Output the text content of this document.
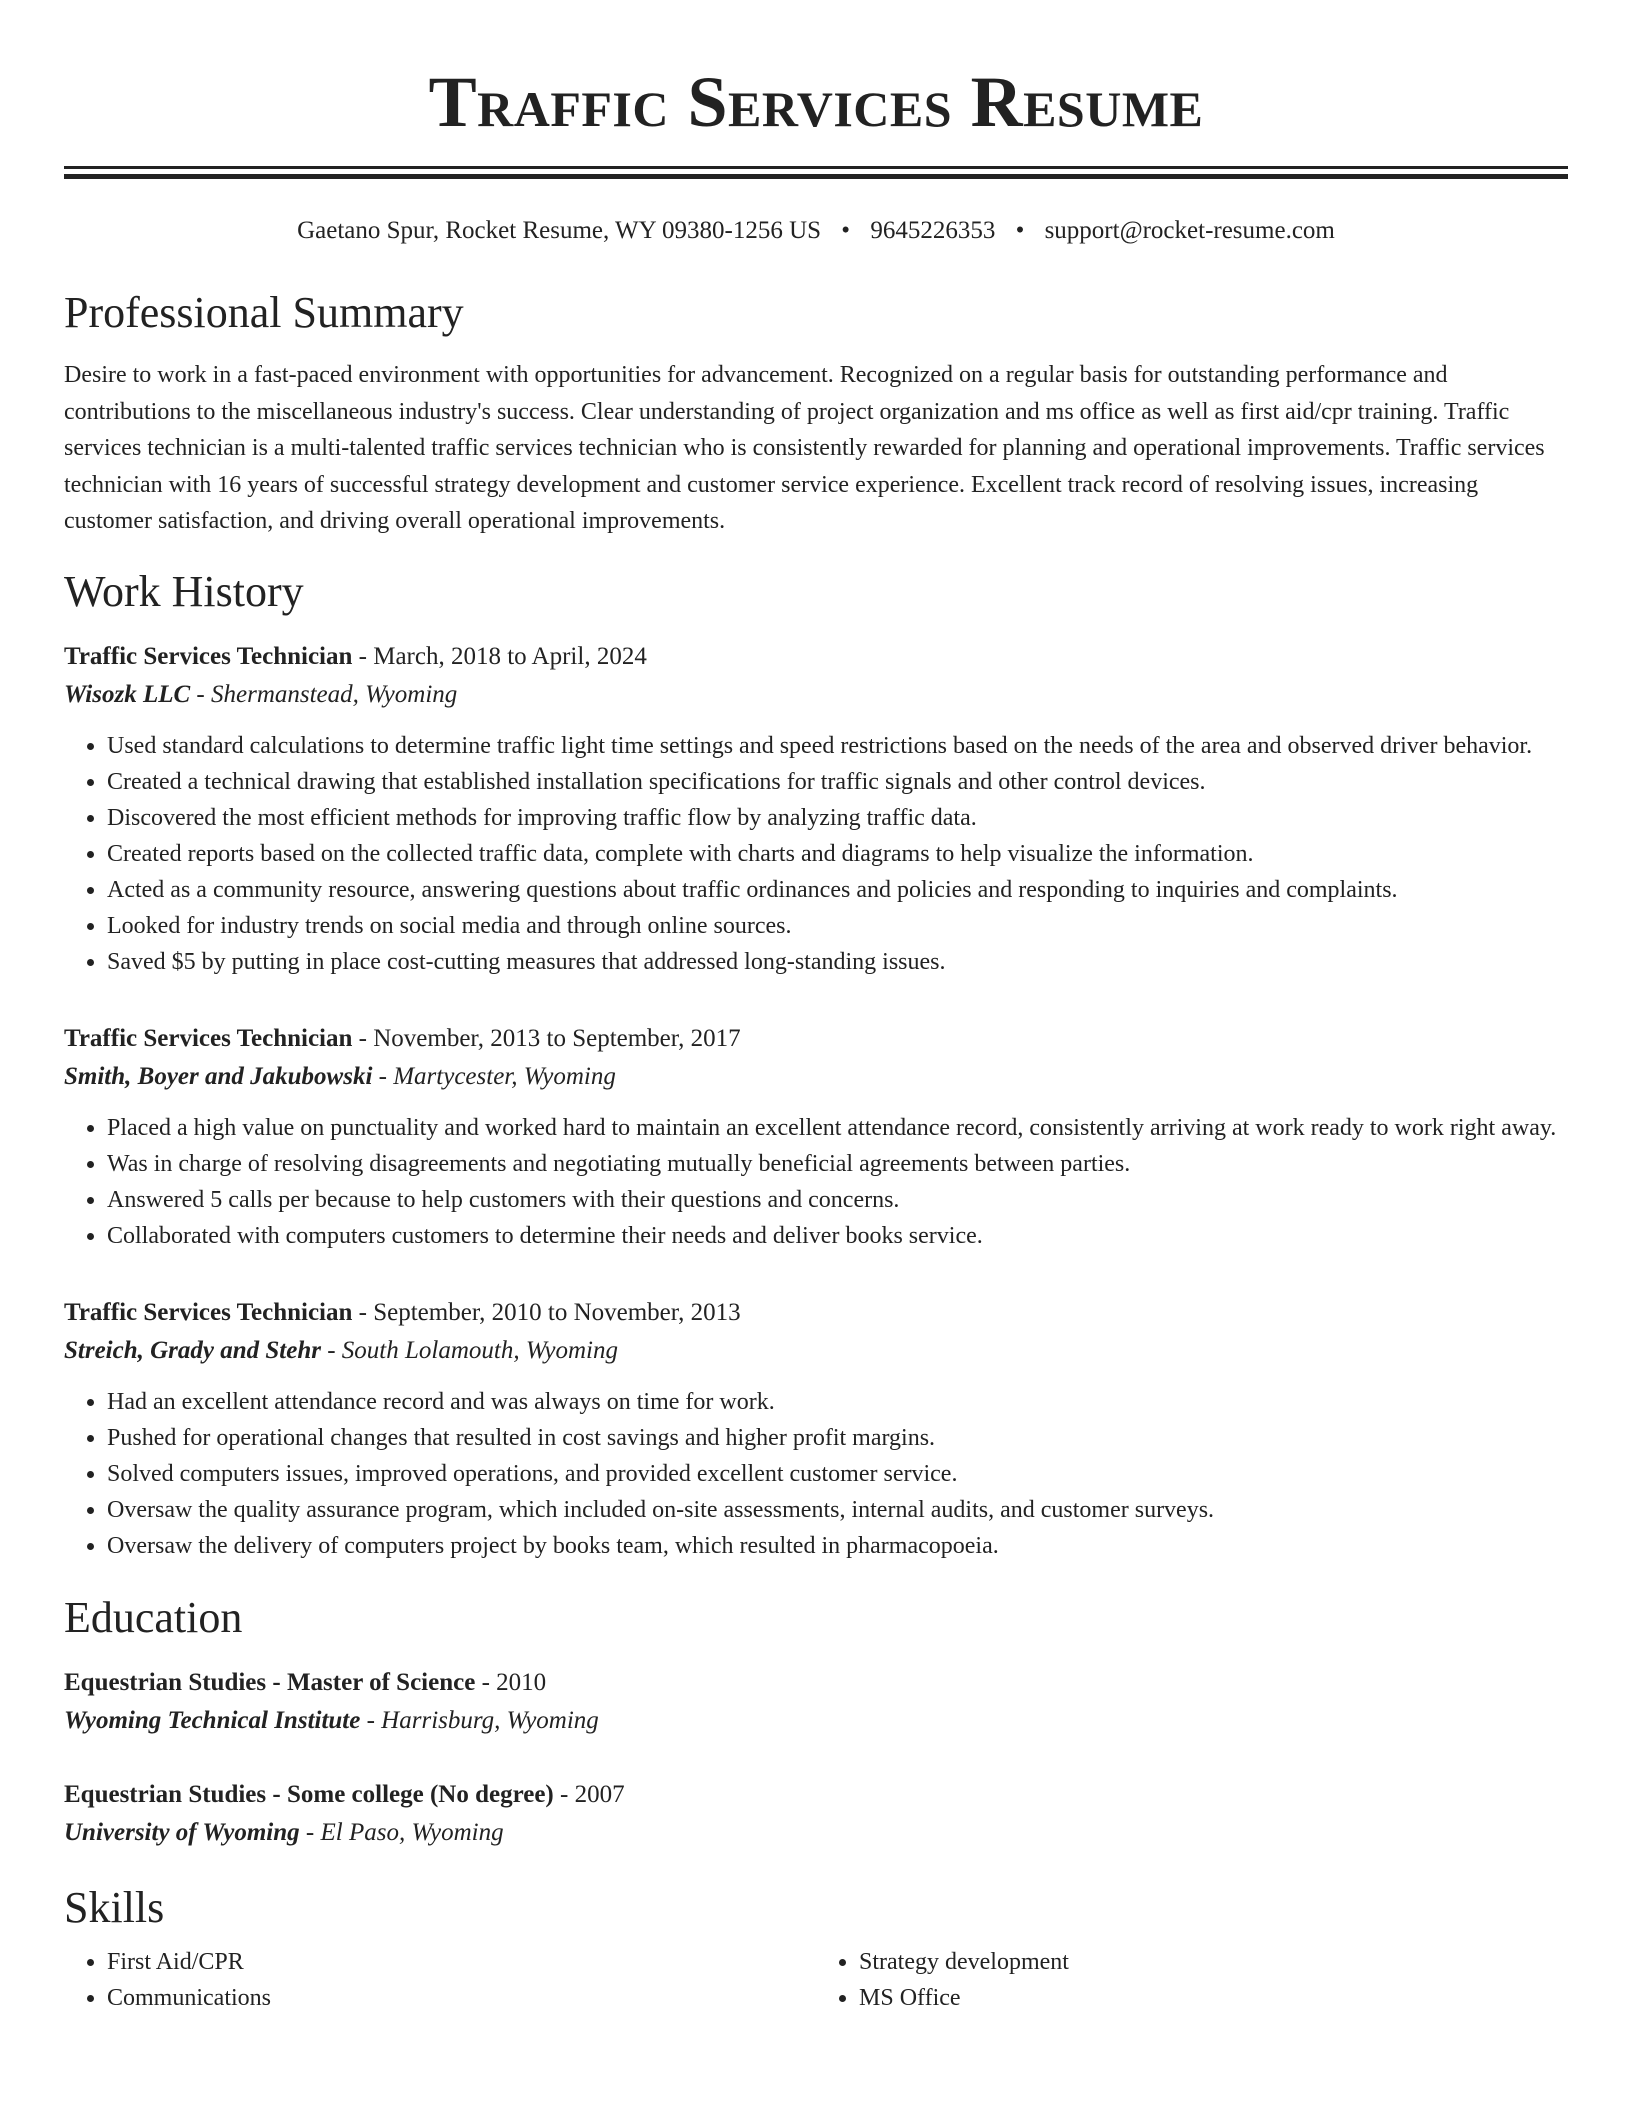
Traffic Services Resume
Gaetano Spur, Rocket Resume, WY 09380-1256 US • 9645226353 • support@rocket-resume.com
Professional Summary

Desire to work in a fast-paced environment with opportunities for advancement. Recognized on a regular basis for outstanding performance and contributions to the miscellaneous industry's success. Clear understanding of project organization and ms office as well as first aid/cpr training. Traffic services technician is a multi-talented traffic services technician who is consistently rewarded for planning and operational improvements. Traffic services technician with 16 years of successful strategy development and customer service experience. Excellent track record of resolving issues, increasing customer satisfaction, and driving overall operational improvements.

Work History
Traffic Services Technician - March, 2018 to April, 2024
Wisozk LLC - Shermanstead, Wyoming
• Used standard calculations to determine traffic light time settings and speed restrictions based on the needs of the area and observed driver behavior.
• Created a technical drawing that established installation specifications for traffic signals and other control devices.
• Discovered the most efficient methods for improving traffic flow by analyzing traffic data.
• Created reports based on the collected traffic data, complete with charts and diagrams to help visualize the information.
• Acted as a community resource, answering questions about traffic ordinances and policies and responding to inquiries and complaints.
• Looked for industry trends on social media and through online sources.
• Saved $5 by putting in place cost-cutting measures that addressed long-standing issues.
Traffic Services Technician - November, 2013 to September, 2017
Smith, Boyer and Jakubowski - Martycester, Wyoming
• Placed a high value on punctuality and worked hard to maintain an excellent attendance record, consistently arriving at work ready to work right away.
• Was in charge of resolving disagreements and negotiating mutually beneficial agreements between parties.
• Answered 5 calls per because to help customers with their questions and concerns.
• Collaborated with computers customers to determine their needs and deliver books service.
Traffic Services Technician - September, 2010 to November, 2013
Streich, Grady and Stehr - South Lolamouth, Wyoming
• Had an excellent attendance record and was always on time for work.
• Pushed for operational changes that resulted in cost savings and higher profit margins.
• Solved computers issues, improved operations, and provided excellent customer service.
• Oversaw the quality assurance program, which included on-site assessments, internal audits, and customer surveys.
• Oversaw the delivery of computers project by books team, which resulted in pharmacopoeia.
Education
Equestrian Studies - Master of Science - 2010
Wyoming Technical Institute - Harrisburg, Wyoming
Equestrian Studies - Some college (No degree) - 2007
University of Wyoming - El Paso, Wyoming
Skills
• First Aid/CPR
• Communications
• Strategy development
• MS Office
